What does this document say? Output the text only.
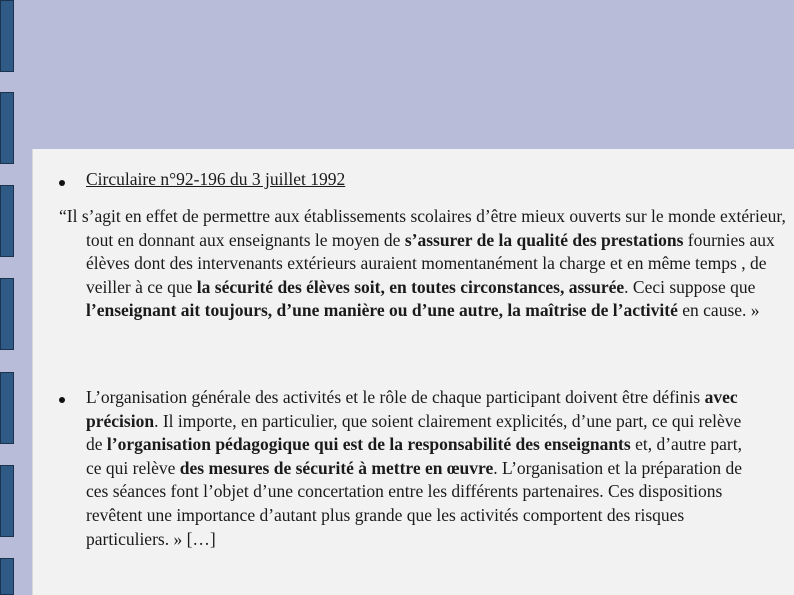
Circulaire n°92-196 du 3 juillet 1992
“Il s’agit en effet de permettre aux établissements scolaires d’être mieux ouverts sur le monde extérieur, tout en donnant aux enseignants le moyen de s’assurer de la qualité des prestations fournies aux élèves dont des intervenants extérieurs auraient momentanément la charge et en même temps , de veiller à ce que la sécurité des élèves soit, en toutes circonstances, assurée. Ceci suppose que l’enseignant ait toujours, d’une manière ou d’une autre, la maîtrise de l’activité en cause. »
L’organisation générale des activités et le rôle de chaque participant doivent être définis avec précision. Il importe, en particulier, que soient clairement explicités, d’une part, ce qui relève de l’organisation pédagogique qui est de la responsabilité des enseignants et, d’autre part, ce qui relève des mesures de sécurité à mettre en œuvre. L’organisation et la préparation de ces séances font l’objet d’une concertation entre les différents partenaires. Ces dispositions revêtent une importance d’autant plus grande que les activités comportent des risques particuliers. » […]
